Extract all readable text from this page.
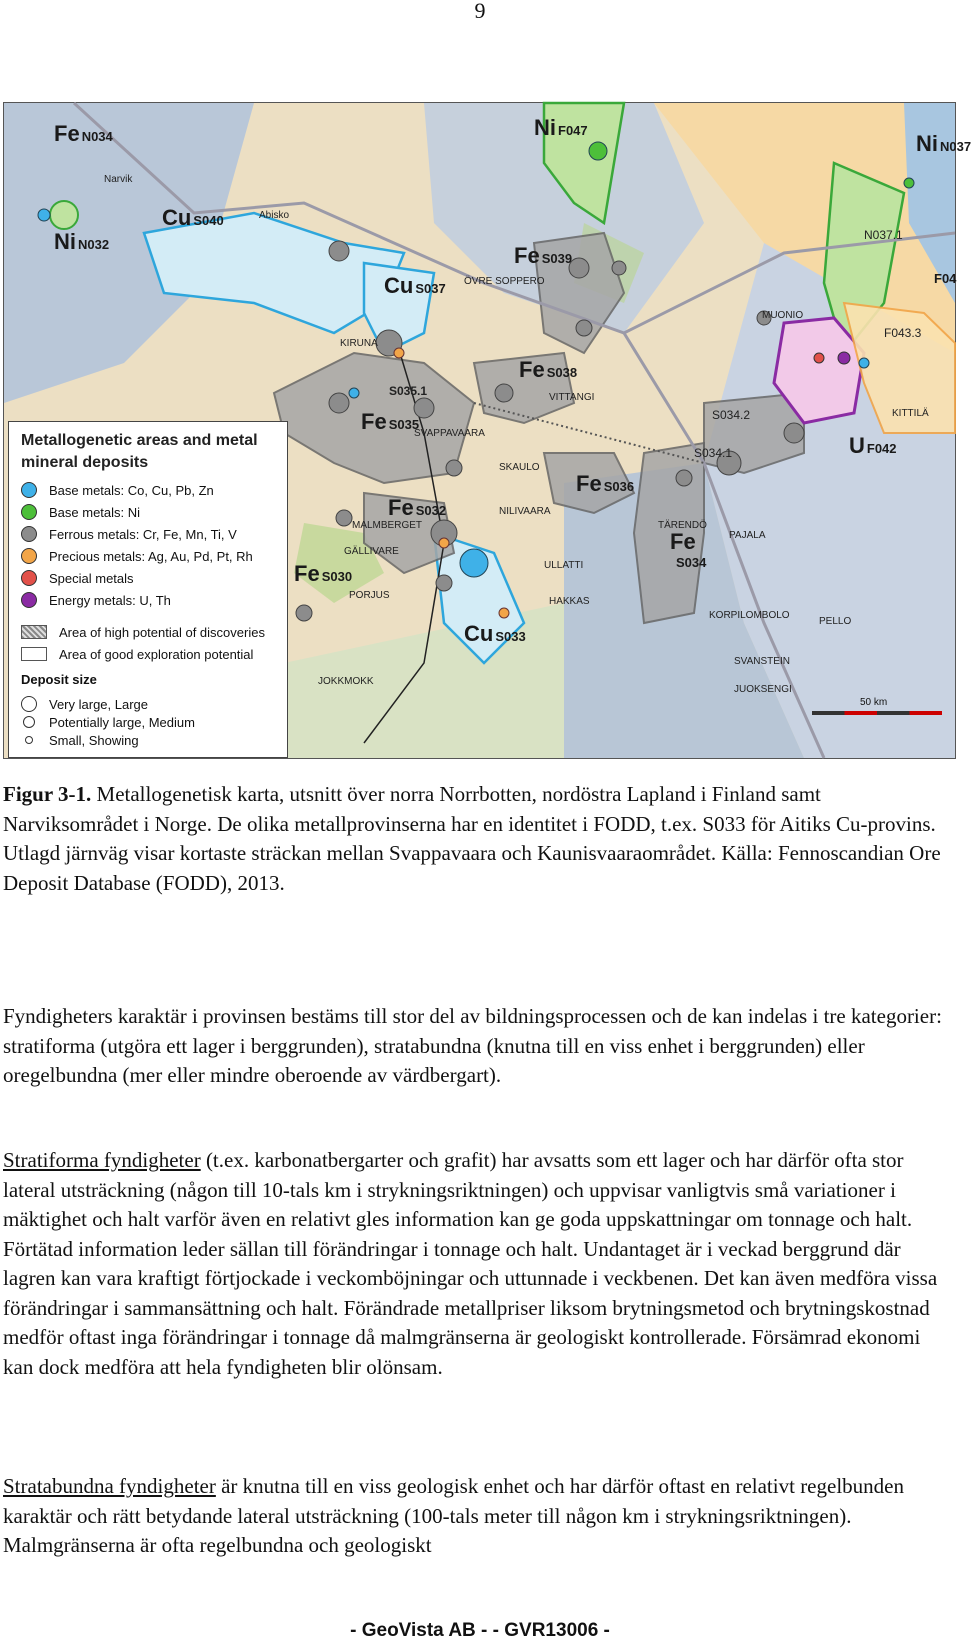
9
Fe N034	Ni F047
Ni N037
Cu S040
Ni N032	Fe S039
Cu S037
Fe S038
Fe S035
Fe S036
Fe S032
Fe S030
Cu S033
Fe
S034
U F042
F04
S035.1
S034.2
S034.1
N037.1
F043.3
Narvik
Abisko
ÖVRE SOPPERO
KIRUNA
VITTANGI
SVAPPAVAARA
SKAULO
NILIVAARA
MALMBERGET
GÄLLIVARE
ULLATTI
PORJUS
HAKKAS
TÄRENDÖ
PAJALA
KORPILOMBOLO
PELLO
SVANSTEIN
JUOKSENGI
JOKKMOKK
MUONIO
KITTILÄ
50 km
Metallogenetic areas and metal mineral deposits
Base metals: Co, Cu, Pb, Zn
Base metals: Ni
Ferrous metals: Cr, Fe, Mn, Ti, V
Precious metals: Ag, Au, Pd, Pt, Rh
Special metals
Energy metals: U, Th
Area of high potential of discoveries
Area of good exploration potential
Deposit size
Very large, Large
Potentially large, Medium
Small, Showing
Figur 3-1. Metallogenetisk karta, utsnitt över norra Norrbotten, nordöstra Lapland i Finland samt Narviksområdet i Norge. De olika metallprovinserna har en identitet i FODD, t.ex. S033 för Aitiks Cu-provins. Utlagd järnväg visar kortaste sträckan mellan Svappavaara och Kaunisvaaraområdet. Källa: Fennoscandian Ore Deposit Database (FODD), 2013.

Fyndigheters karaktär i provinsen bestäms till stor del av bildningsprocessen och de kan indelas i tre kategorier: stratiforma (utgöra ett lager i berggrunden), stratabundna (knutna till en viss enhet i berggrunden) eller oregelbundna (mer eller mindre oberoende av värdbergart).

Stratiforma fyndigheter (t.ex. karbonatbergarter och grafit) har avsatts som ett lager och har därför ofta stor lateral utsträckning (någon till 10-tals km i strykningsriktningen) och uppvisar vanligtvis små variationer i mäktighet och halt varför även en relativt gles information kan ge goda uppskattningar om tonnage och halt. Förtätad information leder sällan till förändringar i tonnage och halt. Undantaget är i veckad berggrund där lagren kan vara kraftigt förtjockade i veckomböjningar och uttunnade i veckbenen. Det kan även medföra vissa förändringar i sammansättning och halt. Förändrade metallpriser liksom brytningsmetod och brytningskostnad medför oftast inga förändringar i tonnage då malmgränserna är geologiskt kontrollerade. Försämrad ekonomi kan dock medföra att hela fyndigheten blir olönsam.

Stratabundna fyndigheter är knutna till en viss geologisk enhet och har därför oftast en relativt regelbunden karaktär och rätt betydande lateral utsträckning (100-tals meter till någon km i strykningsriktningen). Malmgränserna är ofta regelbundna och geologiskt

- GeoVista AB - - GVR13006 -
